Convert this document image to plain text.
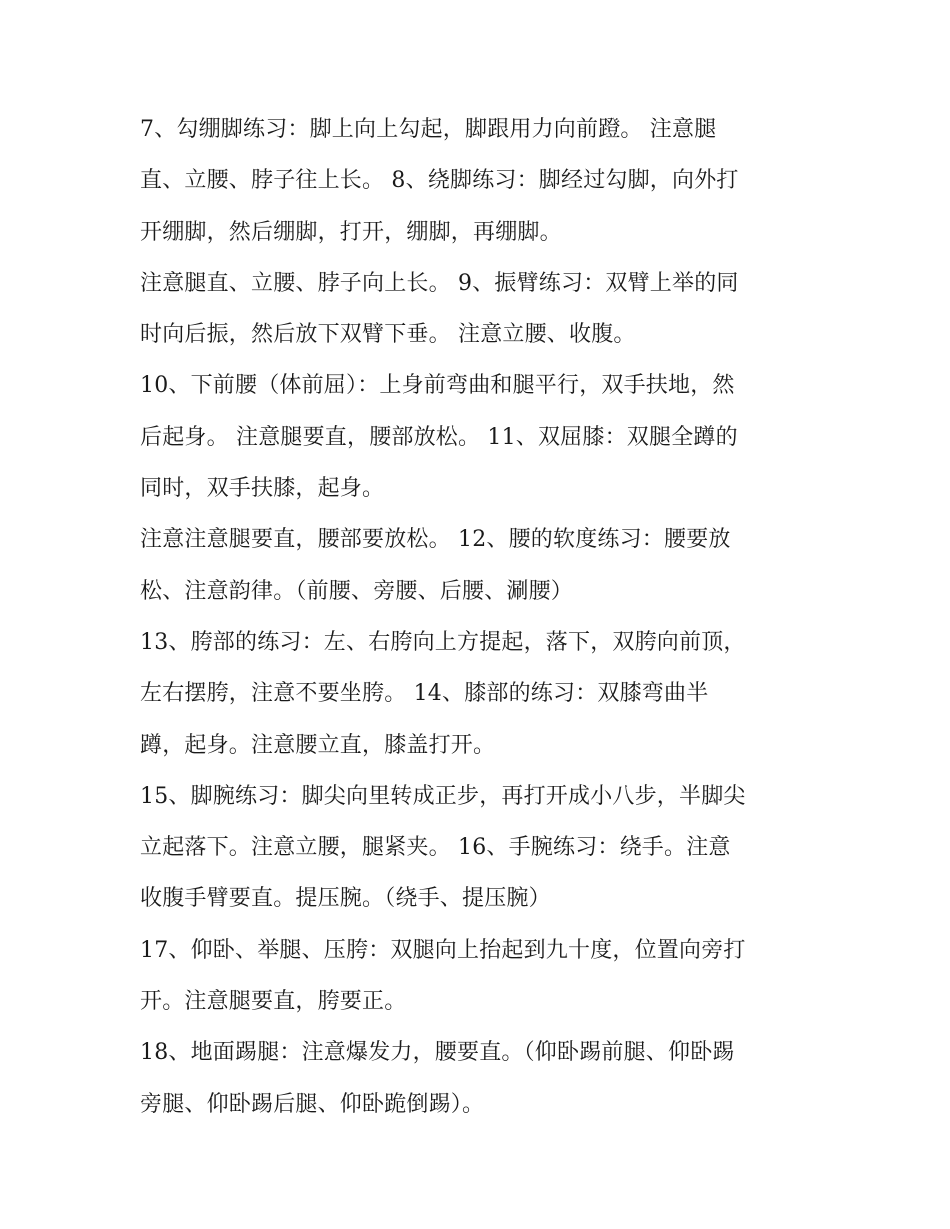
7、勾绷脚练习：脚上向上勾起，脚跟用力向前蹬。 注意腿
直、立腰、脖子往上长。 8、绕脚练习：脚经过勾脚，向外打
开绷脚，然后绷脚，打开，绷脚，再绷脚。
注意腿直、立腰、脖子向上长。 9、振臂练习：双臂上举的同
时向后振，然后放下双臂下垂。 注意立腰、收腹。
10、下前腰（体前屈）：上身前弯曲和腿平行，双手扶地，然
后起身。 注意腿要直，腰部放松。 11、双屈膝：双腿全蹲的
同时，双手扶膝，起身。
注意注意腿要直，腰部要放松。 12、腰的软度练习：腰要放
松、注意韵律。（前腰、旁腰、后腰、涮腰）
13、胯部的练习：左、右胯向上方提起，落下，双胯向前顶，
左右摆胯，注意不要坐胯。 14、膝部的练习：双膝弯曲半
蹲，起身。注意腰立直，膝盖打开。
15、脚腕练习：脚尖向里转成正步，再打开成小八步，半脚尖
立起落下。注意立腰，腿紧夹。 16、手腕练习：绕手。注意
收腹手臂要直。提压腕。（绕手、提压腕）
17、仰卧、举腿、压胯：双腿向上抬起到九十度，位置向旁打
开。注意腿要直，胯要正。
18、地面踢腿：注意爆发力，腰要直。（仰卧踢前腿、仰卧踢
旁腿、仰卧踢后腿、仰卧跪倒踢）。
